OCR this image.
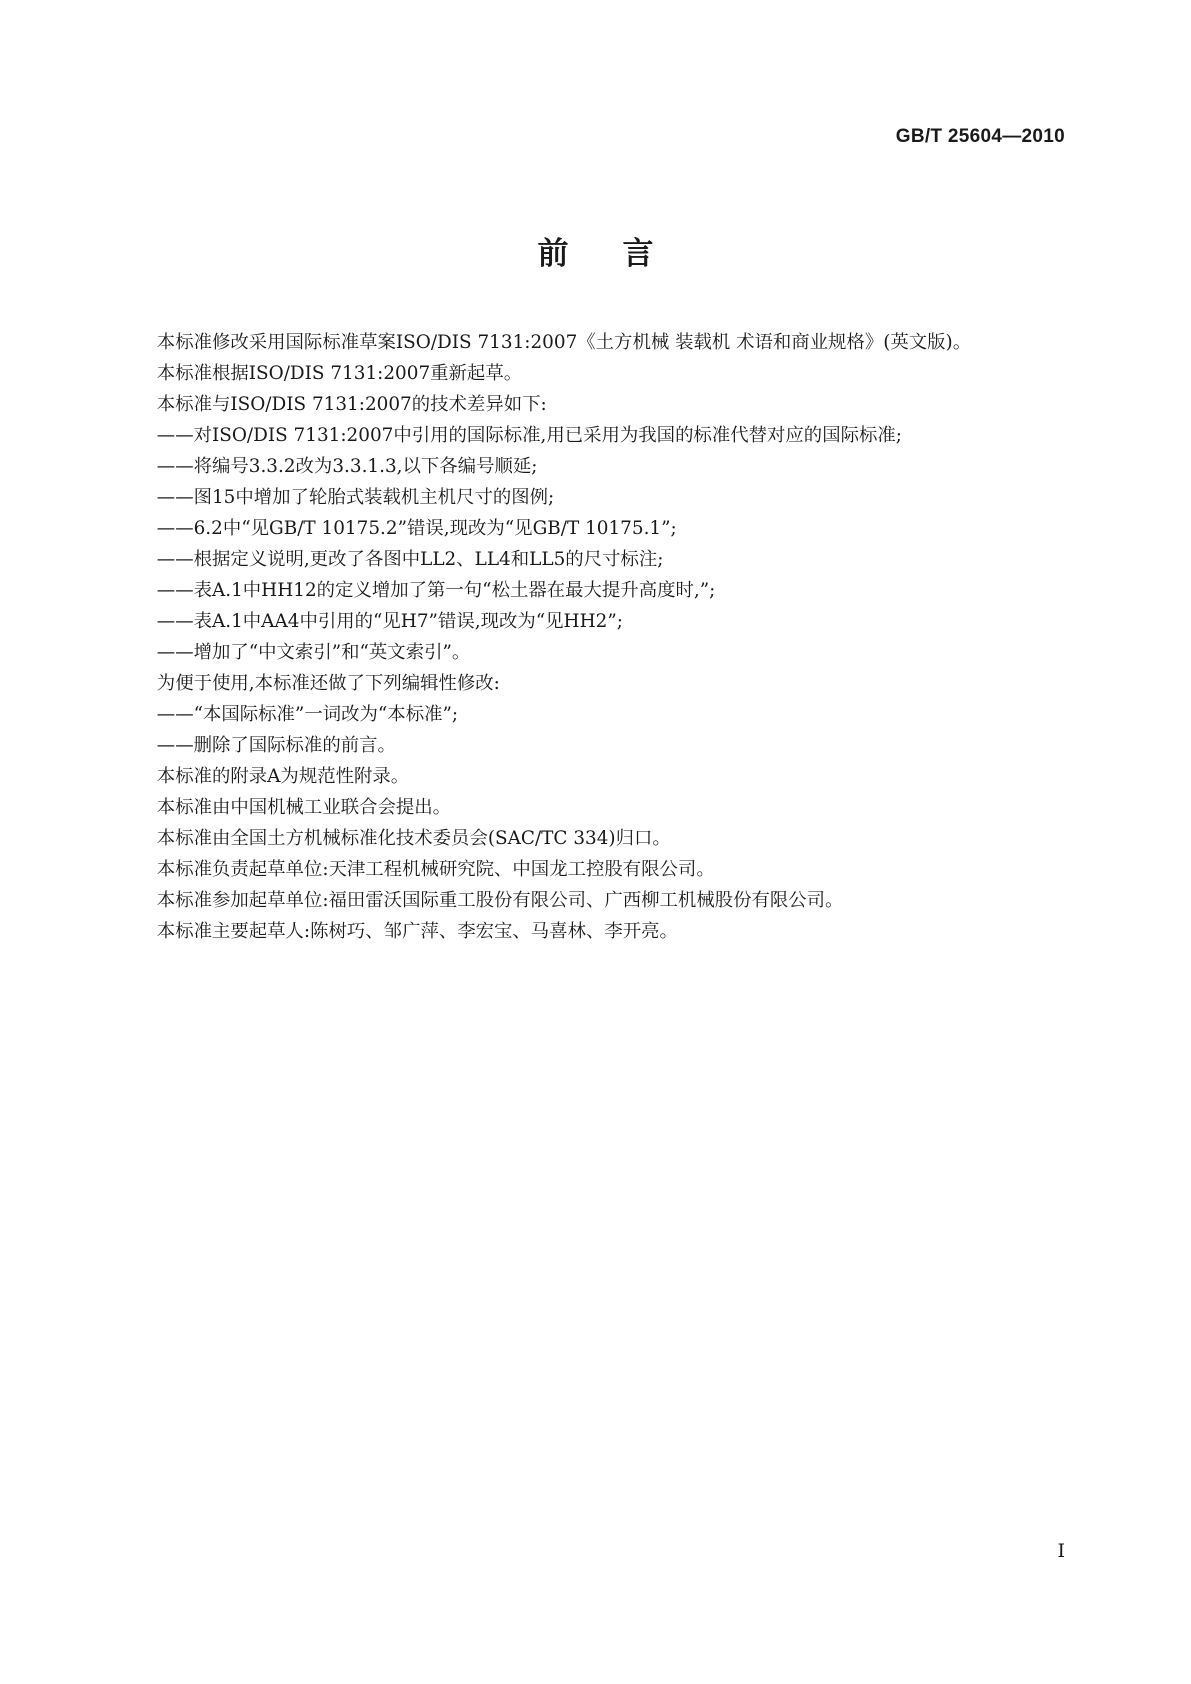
GB/T 25604—2010
前言

本标准修改采用国际标准草案ISO/DIS 7131:2007《土方机械 装载机 术语和商业规格》(英文版)。

本标准根据ISO/DIS 7131:2007重新起草。

本标准与ISO/DIS 7131:2007的技术差异如下:

——对ISO/DIS 7131:2007中引用的国际标准,用已采用为我国的标准代替对应的国际标准;

——将编号3.3.2改为3.3.1.3,以下各编号顺延;

——图15中增加了轮胎式装载机主机尺寸的图例;

——6.2中“见GB/T 10175.2”错误,现改为“见GB/T 10175.1”;

——根据定义说明,更改了各图中LL2、LL4和LL5的尺寸标注;

——表A.1中HH12的定义增加了第一句“松土器在最大提升高度时,”;

——表A.1中AA4中引用的“见H7”错误,现改为“见HH2”;

——增加了“中文索引”和“英文索引”。

为便于使用,本标准还做了下列编辑性修改:

——“本国际标准”一词改为“本标准”;

——删除了国际标准的前言。

本标准的附录A为规范性附录。

本标准由中国机械工业联合会提出。

本标准由全国土方机械标准化技术委员会(SAC/TC 334)归口。

本标准负责起草单位:天津工程机械研究院、中国龙工控股有限公司。

本标准参加起草单位:福田雷沃国际重工股份有限公司、广西柳工机械股份有限公司。

本标准主要起草人:陈树巧、邹广萍、李宏宝、马喜林、李开亮。

I
